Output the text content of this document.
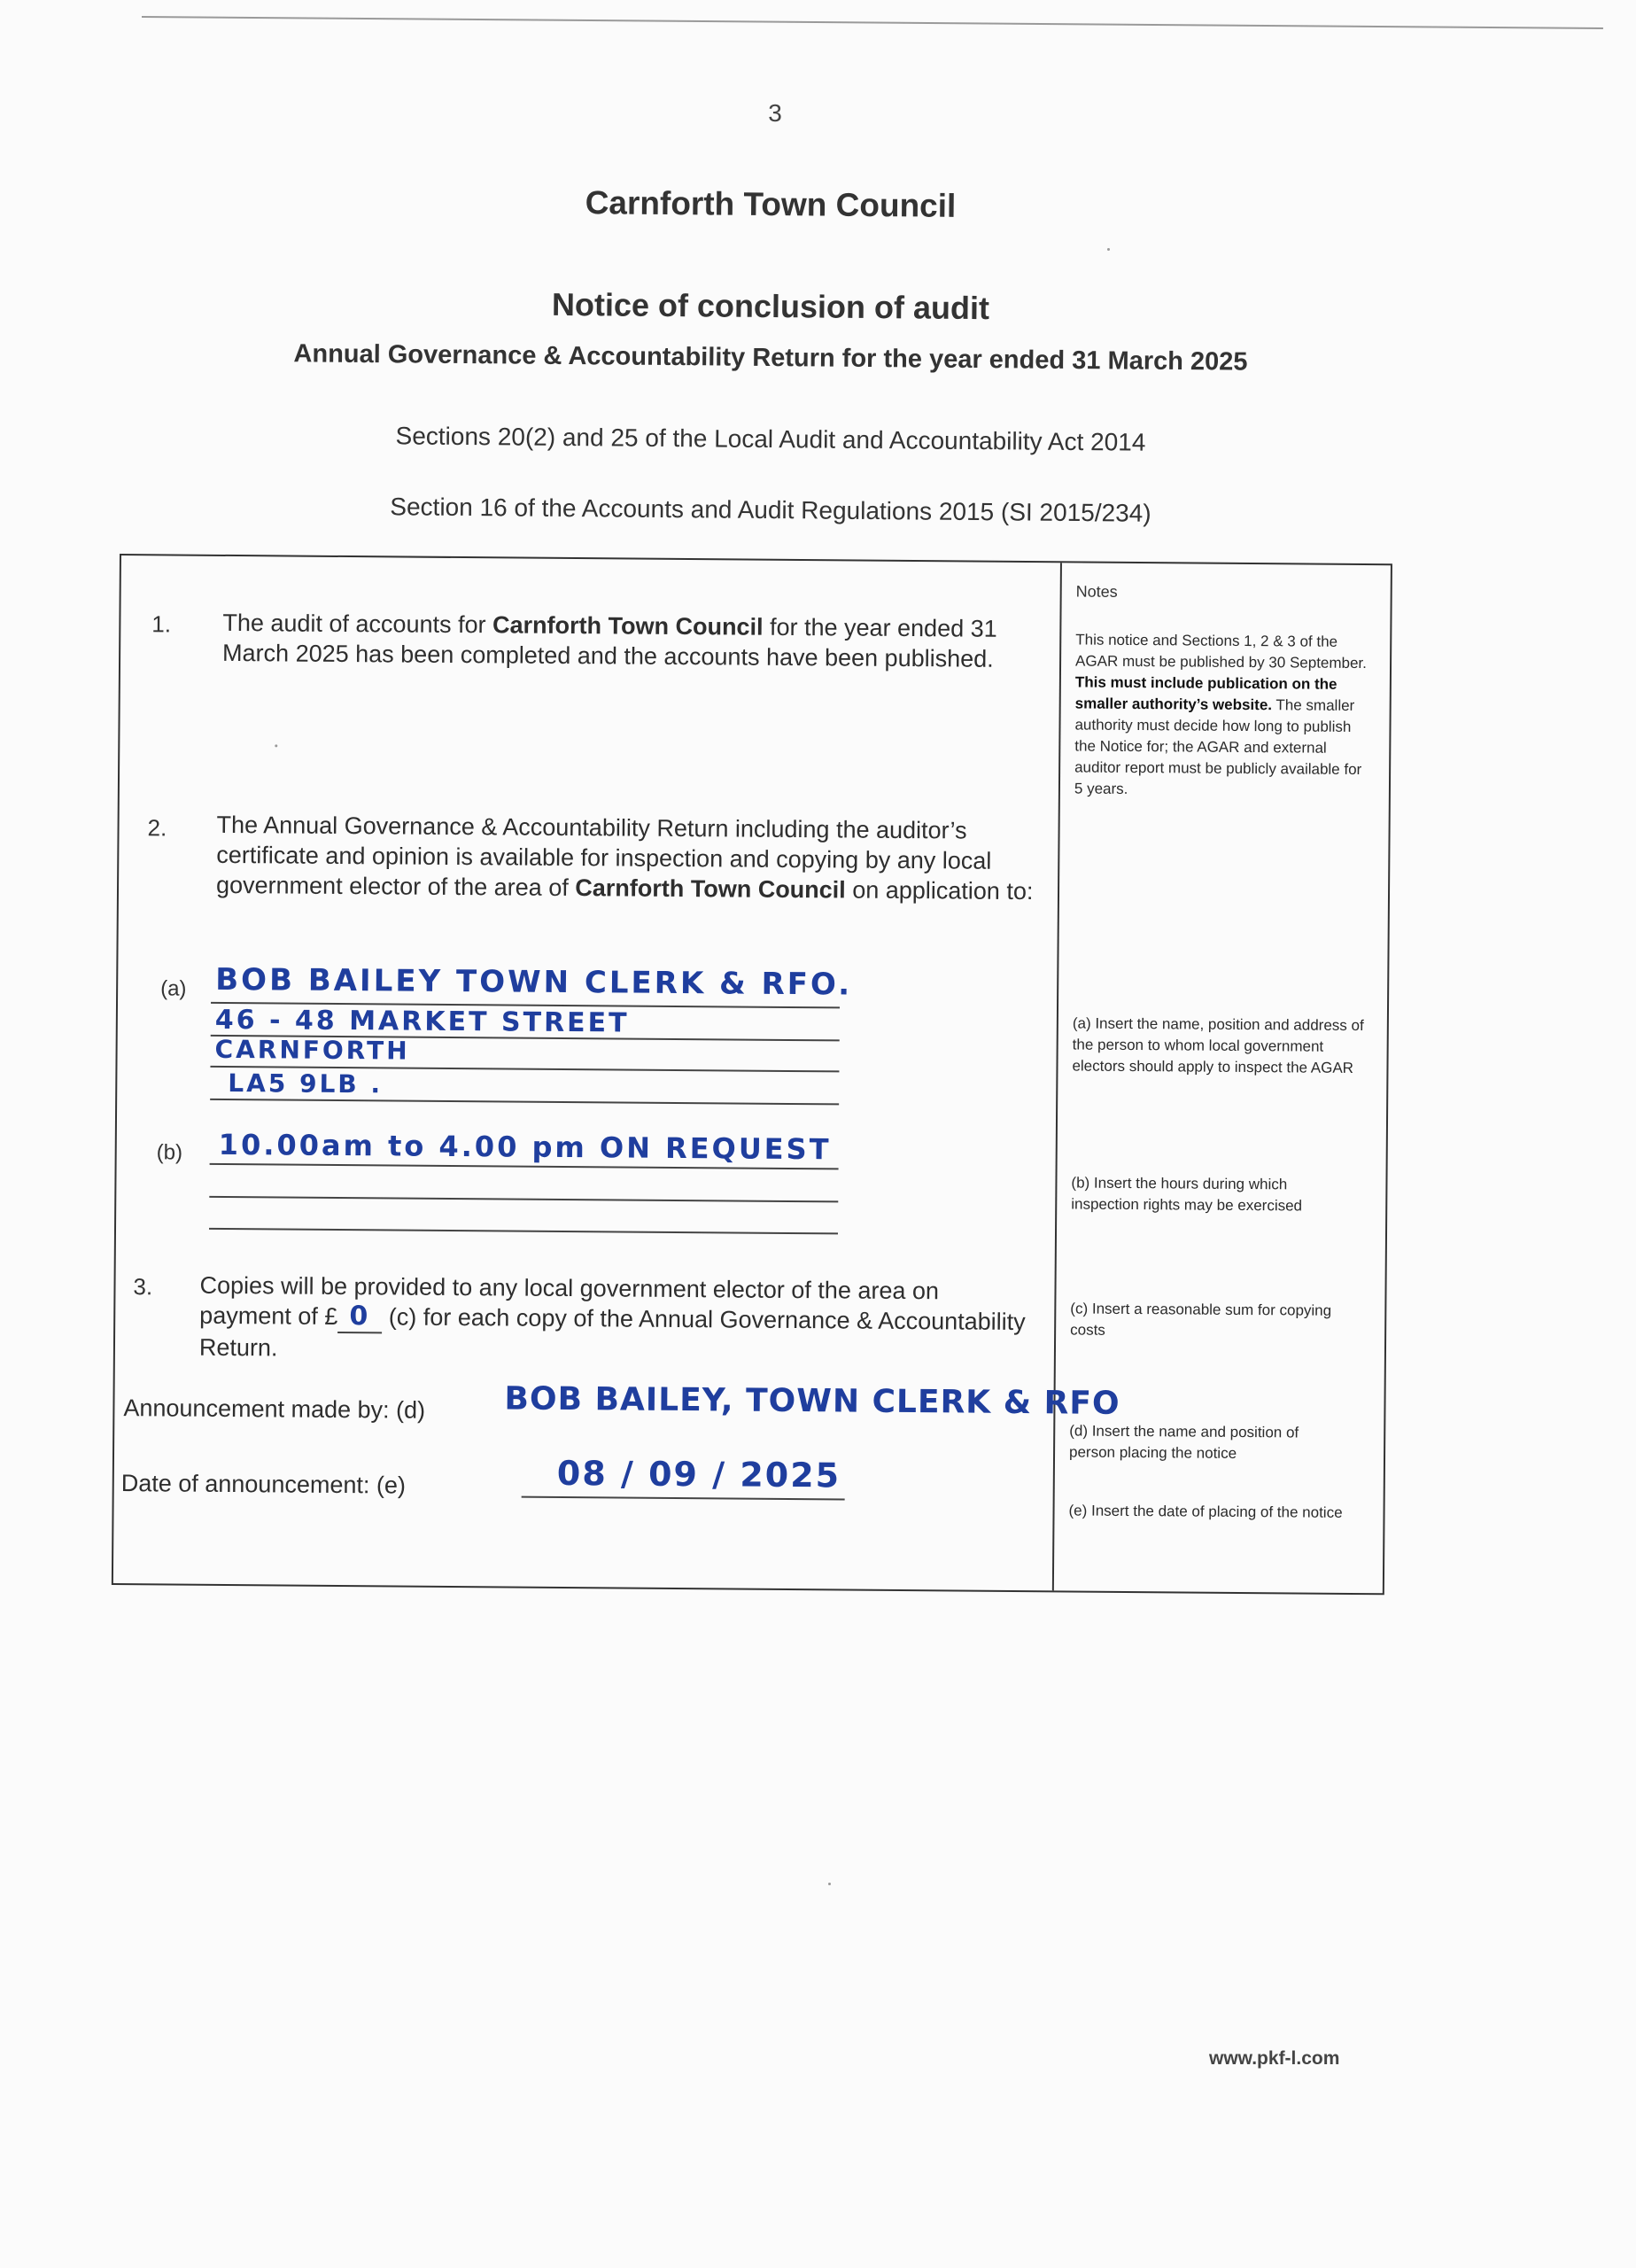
3
Carnforth Town Council
Notice of conclusion of audit
Annual Governance & Accountability Return for the year ended 31 March 2025
Sections 20(2) and 25 of the Local Audit and Accountability Act 2014
Section 16 of the Accounts and Audit Regulations 2015 (SI 2015/234)
1. The audit of accounts for Carnforth Town Council for the year ended 31 March 2025 has been completed and the accounts have been published.
2. The Annual Governance & Accountability Return including the auditor’s certificate and opinion is available for inspection and copying by any local government elector of the area of Carnforth Town Council on application to:
(a) BOB BAILEY TOWN CLERK & RFO.
46 - 48 MARKET STREET
CARNFORTH
LA5 9LB .
(b) 10.00am to 4.00 pm ON REQUEST
3. Copies will be provided to any local government elector of the area on payment of £ 0 (c) for each copy of the Annual Governance & Accountability Return.
Announcement made by: (d) BOB BAILEY, TOWN CLERK & RFO
Date of announcement: (e)	08 / 09 / 2025
Notes
This notice and Sections 1, 2 & 3 of the AGAR must be published by 30 September. This must include publication on the smaller authority’s website. The smaller authority must decide how long to publish the Notice for; the AGAR and external auditor report must be publicly available for 5 years.
(a) Insert the name, position and address of the person to whom local government electors should apply to inspect the AGAR
(b) Insert the hours during which inspection rights may be exercised
(c) Insert a reasonable sum for copying costs
(d) Insert the name and position of person placing the notice
(e) Insert the date of placing of the notice
www.pkf-l.com
